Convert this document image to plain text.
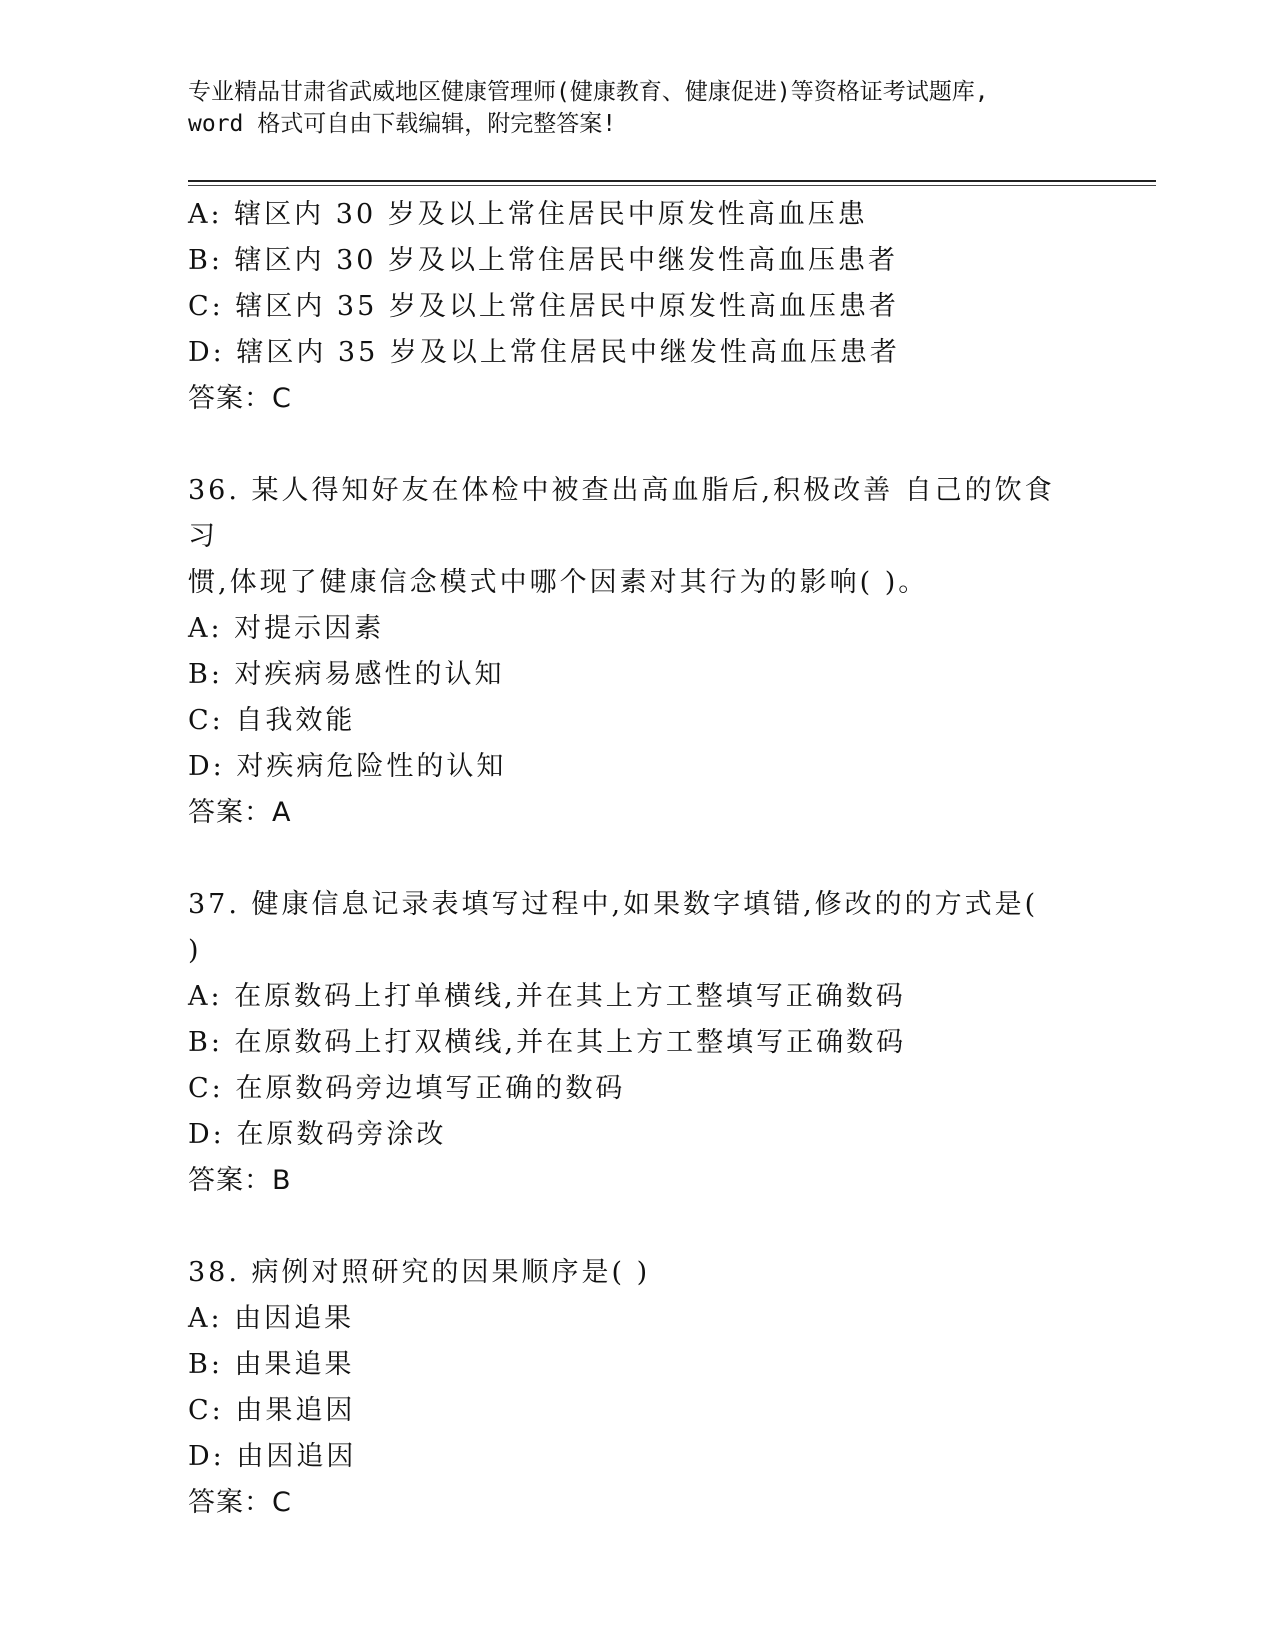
专业精品甘肃省武威地区健康管理师(健康教育、健康促进)等资格证考试题库,
word 格式可自由下载编辑，附完整答案!
A: 辖区内 30 岁及以上常住居民中原发性高血压患
B: 辖区内 30 岁及以上常住居民中继发性高血压患者
C: 辖区内 35 岁及以上常住居民中原发性高血压患者
D: 辖区内 35 岁及以上常住居民中继发性高血压患者
答案：C
36. 某人得知好友在体检中被查出高血脂后,积极改善 自己的饮食习
惯,体现了健康信念模式中哪个因素对其行为的影响( )。
A: 对提示因素
B: 对疾病易感性的认知
C: 自我效能
D: 对疾病危险性的认知
答案：A
37. 健康信息记录表填写过程中,如果数字填错,修改的的方式是(
)
A: 在原数码上打单横线,并在其上方工整填写正确数码
B: 在原数码上打双横线,并在其上方工整填写正确数码
C: 在原数码旁边填写正确的数码
D: 在原数码旁涂改
答案：B
38. 病例对照研究的因果顺序是( )
A: 由因追果
B: 由果追果
C: 由果追因
D: 由因追因
答案：C
